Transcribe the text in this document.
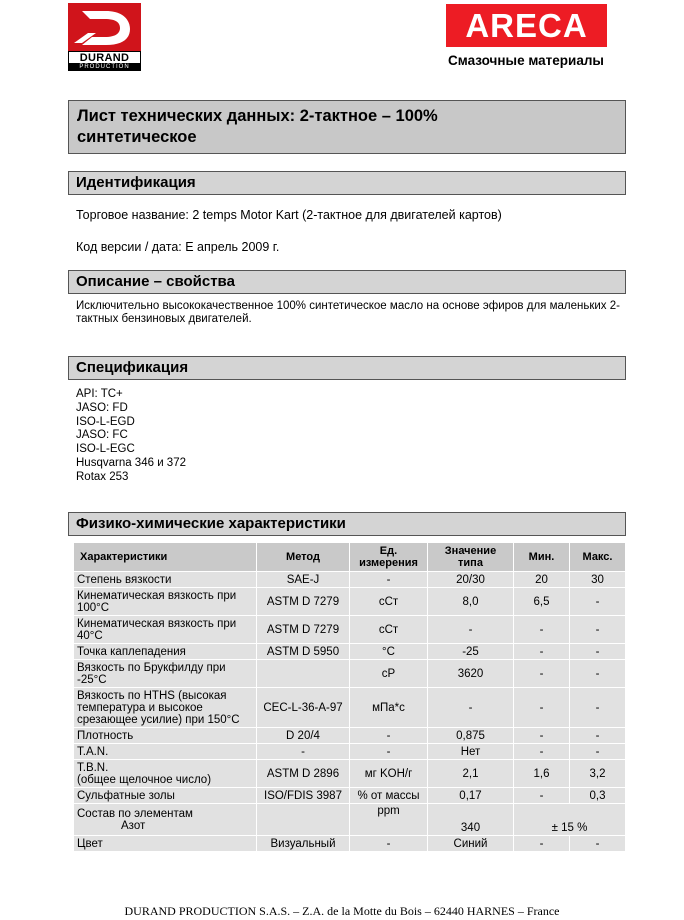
DURAND
PRODUCTION
ARECA
Смазочные материалы
Лист технических данных: 2-тактное – 100%
синтетическое
Идентификация
Торговое название: 2 temps Motor Kart (2-тактное для двигателей картов)
Код версии / дата: E апрель 2009 г.
Описание – свойства
Исключительно высококачественное 100% синтетическое масло на основе эфиров для маленьких 2-тактных бензиновых двигателей.
Спецификация
API: TC+
JASO: FD
ISO-L-EGD
JASO: FC
ISO-L-EGC
Husqvarna 346 и 372
Rotax 253
Физико-химические характеристики
Характеристики	Метод	Ед. измерения	Значение типа	Мин.	Макс.
Степень вязкости	SAE-J	-	20/30	20	30
Кинематическая вязкость при 100°C	ASTM D 7279	cСт	8,0	6,5	-
Кинематическая вязкость при 40°C	ASTM D 7279	cСт	-	-	-
Точка каплепадения	ASTM D 5950	°C	-25	-	-
Вязкость по Брукфилду при -25°C		cP	3620	-	-
Вязкость по HTHS (высокая температура и высокое срезающее усилие) при 150°C	CEC-L-36-A-97	мПа*с	-	-	-
Плотность	D 20/4	-	0,875	-	-
T.A.N.	-	-	Нет	-	-
T.B.N.
(общее щелочное число)	ASTM D 2896	мг KOH/г	2,1	1,6	3,2
Сульфатные золы	ISO/FDIS 3987	% от массы	0,17	-	0,3
Состав по элементам
Азот		ppm	340	± 15 %	
Цвет	Визуальный	-	Синий	-	-
DURAND PRODUCTION S.A.S. – Z.A. de la Motte du Bois – 62440 HARNES – France
